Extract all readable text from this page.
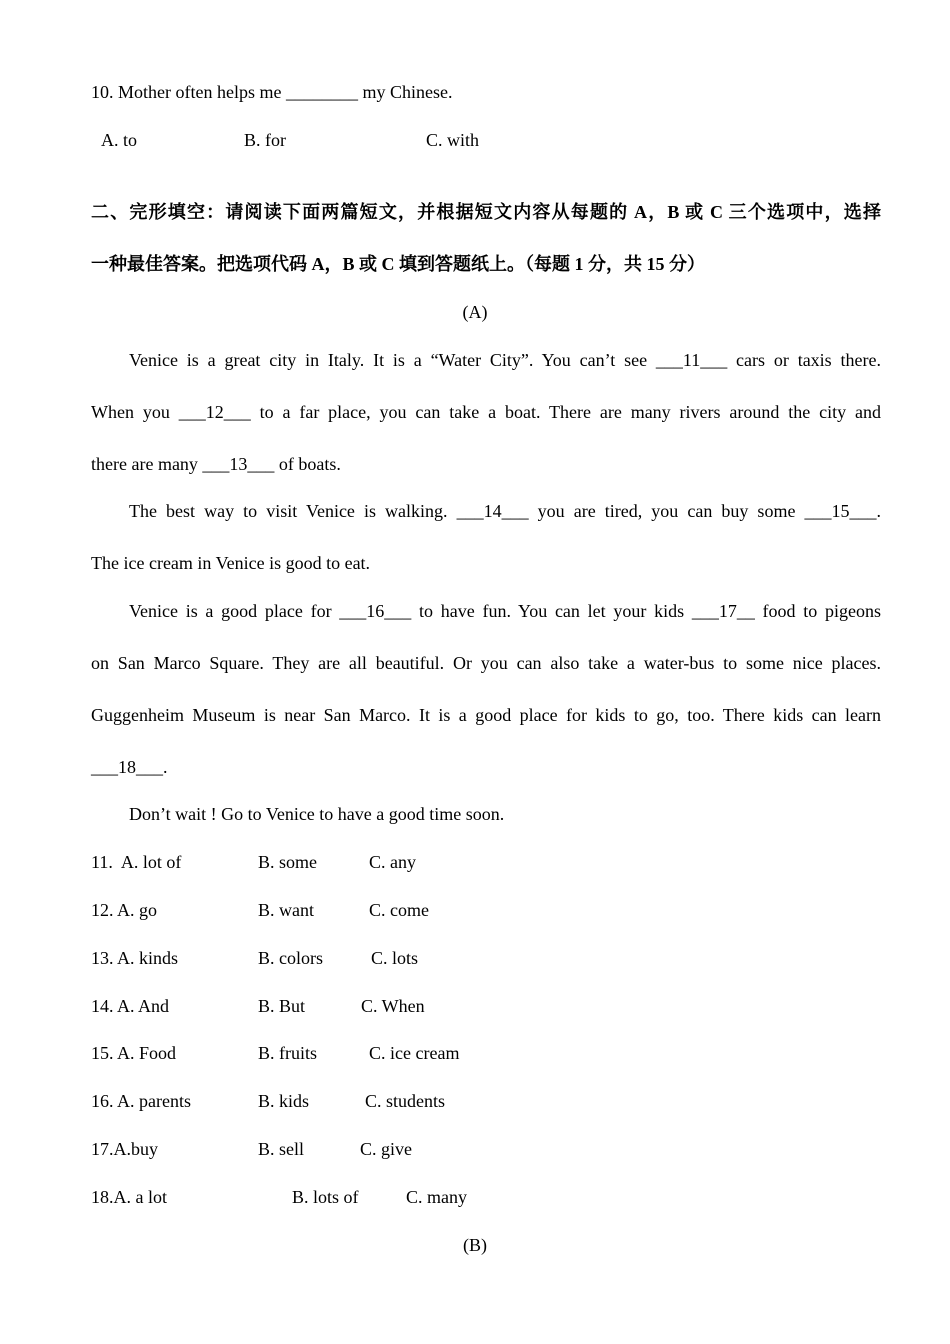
10. Mother often helps me ________ my Chinese.
A. to	B. for	C. with
二、完形填空：请阅读下面两篇短文，并根据短文内容从每题的 A，B 或 C 三个选项中，选择
一种最佳答案。把选项代码 A，B 或 C 填到答题纸上。（每题 1 分，共 15 分）
(A)
Venice is a great city in Italy. It is a “Water City”. You can’t see ___11___ cars or taxis there.
When you ___12___ to a far place, you can take a boat. There are many rivers around the city and
there are many ___13___ of boats.
The best way to visit Venice is walking. ___14___ you are tired, you can buy some ___15___.
The ice cream in Venice is good to eat.
Venice is a good place for ___16___ to have fun. You can let your kids ___17__ food to pigeons
on San Marco Square. They are all beautiful. Or you can also take a water-bus to some nice places.
Guggenheim Museum is near San Marco. It is a good place for kids to go, too. There kids can learn
___18___.
Don’t wait ! Go to Venice to have a good time soon.
11.  A. lot of	B. some	C. any
12. A. go	B. want	C. come
13. A. kinds	B. colors	C. lots
14. A. And	B. But	C. When
15. A. Food	B. fruits	C. ice cream
16. A. parents	B. kids	C. students
17.A.buy	B. sell	C. give
18.A. a lot	B. lots of	C. many
(B)
